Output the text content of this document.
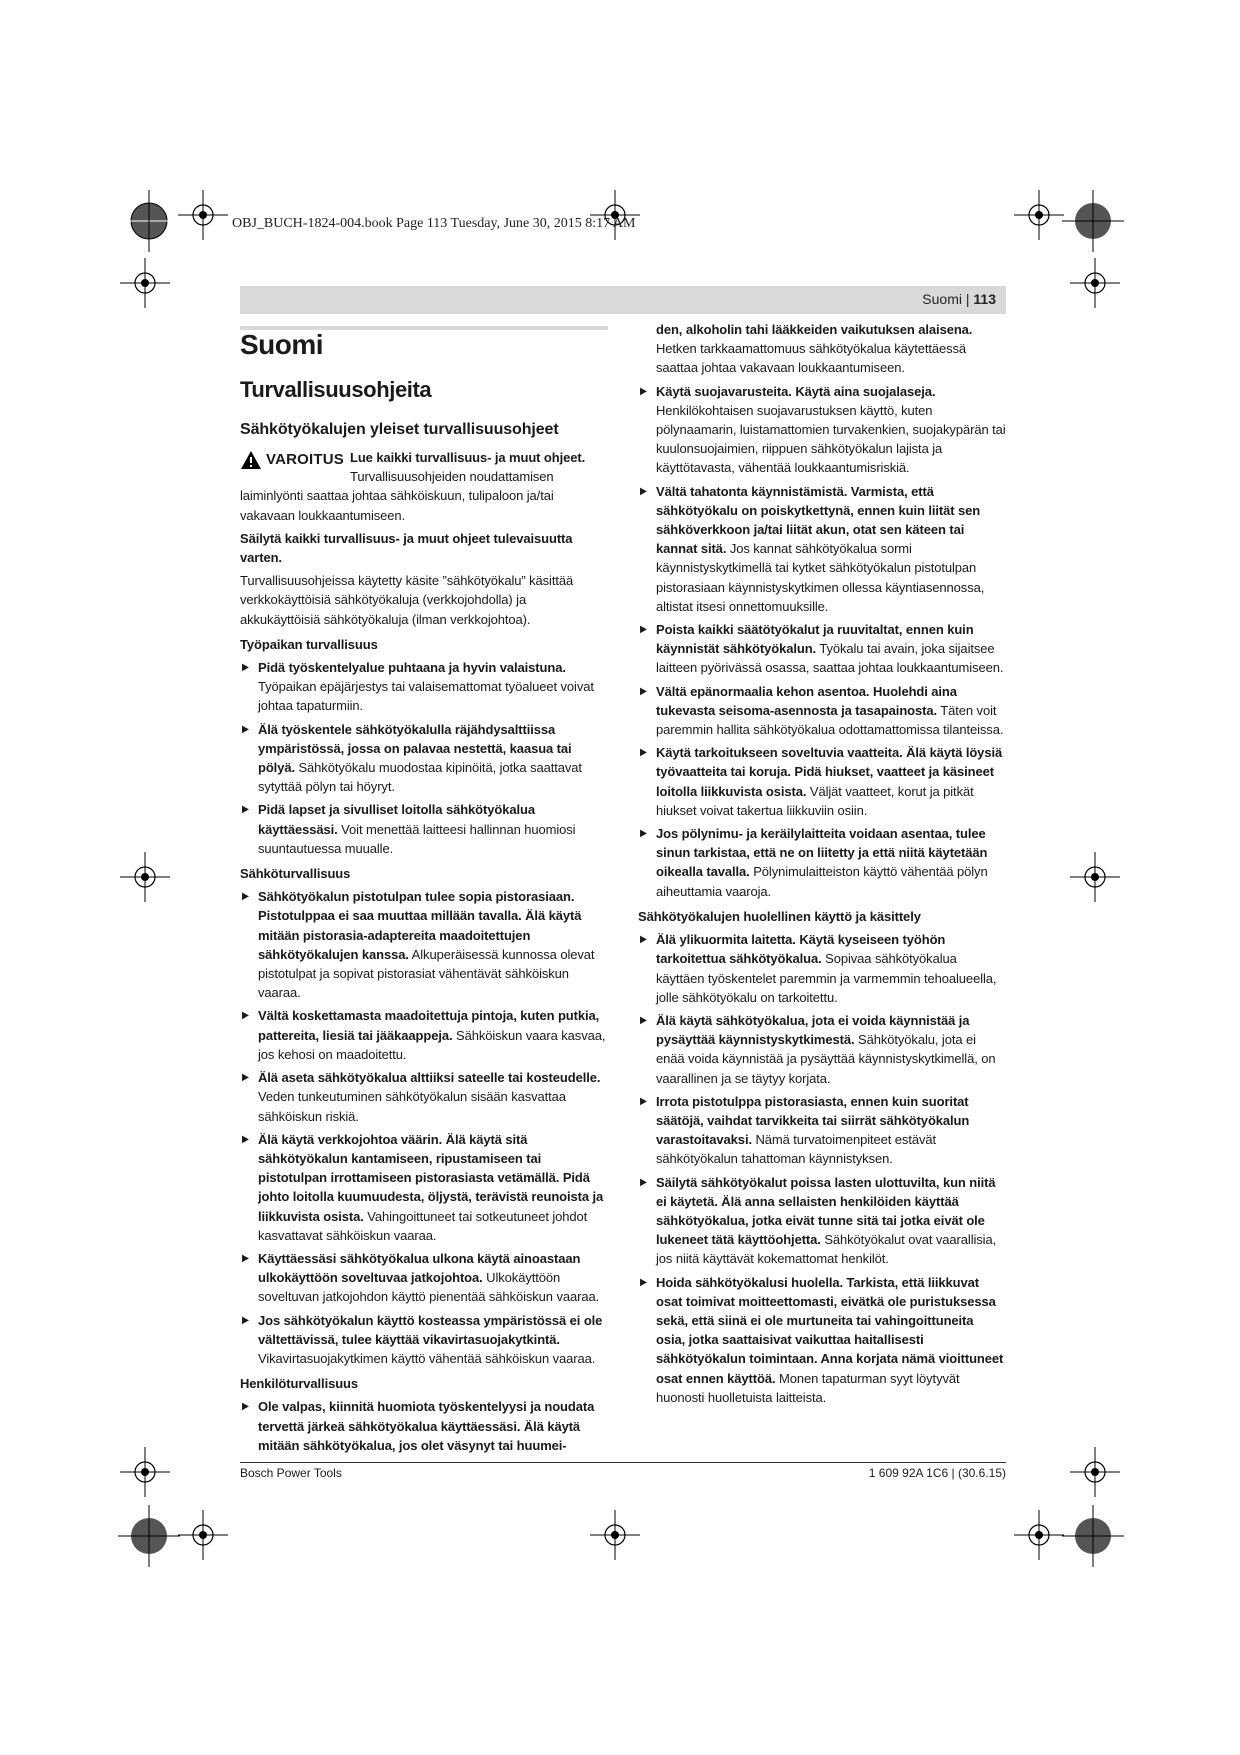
OBJ_BUCH-1824-004.book Page 113 Tuesday, June 30, 2015 8:17 AM
Suomi | 113
Suomi
Turvallisuusohjeita
Sähkötyökalujen yleiset turvallisuusohjeet
VAROITUS Lue kaikki turvallisuus- ja muut ohjeet. Turvallisuusohjeiden noudattamisen laiminlyönti saattaa johtaa sähköiskuun, tulipaloon ja/tai vakavaan loukkaantumiseen.

Säilytä kaikki turvallisuus- ja muut ohjeet tulevaisuutta varten.

Turvallisuusohjeissa käytetty käsite ”sähkötyökalu” käsittää verkkokäyttöisiä sähkötyökaluja (verkkojohdolla) ja akkukäyttöisiä sähkötyökaluja (ilman verkkojohtoa).

Työpaikan turvallisuus
▶ Pidä työskentelyalue puhtaana ja hyvin valaistuna. Työpaikan epäjärjestys tai valaisemattomat työalueet voivat johtaa tapaturmiin.
▶ Älä työskentele sähkötyökalulla räjähdysalttiissa ympäristössä, jossa on palavaa nestettä, kaasua tai pölyä. Sähkötyökalu muodostaa kipinöitä, jotka saattavat sytyttää pölyn tai höyryt.
▶ Pidä lapset ja sivulliset loitolla sähkötyökalua käyttäessäsi. Voit menettää laitteesi hallinnan huomiosi suuntautuessa muualle.
Sähköturvallisuus
▶ Sähkötyökalun pistotulpan tulee sopia pistorasiaan. Pistotulppaa ei saa muuttaa millään tavalla. Älä käytä mitään pistorasia-adaptereita maadoitettujen sähkötyökalujen kanssa. Alkuperäisessä kunnossa olevat pistotulpat ja sopivat pistorasiat vähentävät sähköiskun vaaraa.
▶ Vältä koskettamasta maadoitettuja pintoja, kuten putkia, pattereita, liesiä tai jääkaappeja. Sähköiskun vaara kasvaa, jos kehosi on maadoitettu.
▶ Älä aseta sähkötyökalua alttiiksi sateelle tai kosteudelle. Veden tunkeutuminen sähkötyökalun sisään kasvattaa sähköiskun riskiä.
▶ Älä käytä verkkojohtoa väärin. Älä käytä sitä sähkötyökalun kantamiseen, ripustamiseen tai pistotulpan irrottamiseen pistorasiasta vetämällä. Pidä johto loitolla kuumuudesta, öljystä, terävistä reunoista ja liikkuvista osista. Vahingoittuneet tai sotkeutuneet johdot kasvattavat sähköiskun vaaraa.
▶ Käyttäessäsi sähkötyökalua ulkona käytä ainoastaan ulkokäyttöön soveltuvaa jatkojohtoa. Ulkokäyttöön soveltuvan jatkojohdon käyttö pienentää sähköiskun vaaraa.
▶ Jos sähkötyökalun käyttö kosteassa ympäristössä ei ole vältettävissä, tulee käyttää vikavirtasuojakytkintä. Vikavirtasuojakytkimen käyttö vähentää sähköiskun vaaraa.
Henkilöturvallisuus
▶ Ole valpas, kiinnitä huomiota työskentelyysi ja noudata tervettä järkeä sähkötyökalua käyttäessäsi. Älä käytä mitään sähkötyökalua, jos olet väsynyt tai huumei-

den, alkoholin tahi lääkkeiden vaikutuksen alaisena. Hetken tarkkaamattomuus sähkötyökalua käytettäessä saattaa johtaa vakavaan loukkaantumiseen.

▶ Käytä suojavarusteita. Käytä aina suojalaseja. Henkilökohtaisen suojavarustuksen käyttö, kuten pölynaamarin, luistamattomien turvakenkien, suojakypärän tai kuulonsuojaimien, riippuen sähkötyökalun lajista ja käyttötavasta, vähentää loukkaantumisriskiä.
▶ Vältä tahatonta käynnistämistä. Varmista, että sähkötyökalu on poiskytkettynä, ennen kuin liität sen sähköverkkoon ja/tai liität akun, otat sen käteen tai kannat sitä. Jos kannat sähkötyökalua sormi käynnistyskytkimellä tai kytket sähkötyökalun pistotulpan pistorasiaan käynnistyskytkimen ollessa käyntiasennossa, altistat itsesi onnettomuuksille.
▶ Poista kaikki säätötyökalut ja ruuvitaltat, ennen kuin käynnistät sähkötyökalun. Työkalu tai avain, joka sijaitsee laitteen pyörivässä osassa, saattaa johtaa loukkaantumiseen.
▶ Vältä epänormaalia kehon asentoa. Huolehdi aina tukevasta seisoma-asennosta ja tasapainosta. Täten voit paremmin hallita sähkötyökalua odottamattomissa tilanteissa.
▶ Käytä tarkoitukseen soveltuvia vaatteita. Älä käytä löysiä työvaatteita tai koruja. Pidä hiukset, vaatteet ja käsineet loitolla liikkuvista osista. Väljät vaatteet, korut ja pitkät hiukset voivat takertua liikkuviin osiin.
▶ Jos pölynimu- ja keräilylaitteita voidaan asentaa, tulee sinun tarkistaa, että ne on liitetty ja että niitä käytetään oikealla tavalla. Pölynimulaitteiston käyttö vähentää pölyn aiheuttamia vaaroja.
Sähkötyökalujen huolellinen käyttö ja käsittely
▶ Älä ylikuormita laitetta. Käytä kyseiseen työhön tarkoitettua sähkötyökalua. Sopivaa sähkötyökalua käyttäen työskentelet paremmin ja varmemmin tehoalueella, jolle sähkötyökalu on tarkoitettu.
▶ Älä käytä sähkötyökalua, jota ei voida käynnistää ja pysäyttää käynnistyskytkimestä. Sähkötyökalu, jota ei enää voida käynnistää ja pysäyttää käynnistyskytkimellä, on vaarallinen ja se täytyy korjata.
▶ Irrota pistotulppa pistorasiasta, ennen kuin suoritat säätöjä, vaihdat tarvikkeita tai siirrät sähkötyökalun varastoitavaksi. Nämä turvatoimenpiteet estävät sähkötyökalun tahattoman käynnistyksen.
▶ Säilytä sähkötyökalut poissa lasten ulottuvilta, kun niitä ei käytetä. Älä anna sellaisten henkilöiden käyttää sähkötyökalua, jotka eivät tunne sitä tai jotka eivät ole lukeneet tätä käyttöohjetta. Sähkötyökalut ovat vaarallisia, jos niitä käyttävät kokemattomat henkilöt.
▶ Hoida sähkötyökalusi huolella. Tarkista, että liikkuvat osat toimivat moitteettomasti, eivätkä ole puristuksessa sekä, että siinä ei ole murtuneita tai vahingoittuneita osia, jotka saattaisivat vaikuttaa haitallisesti sähkötyökalun toimintaan. Anna korjata nämä vioittuneet osat ennen käyttöä. Monen tapaturman syyt löytyvät huonosti huolletuista laitteista.
Bosch Power Tools	1 609 92A 1C6 | (30.6.15)
